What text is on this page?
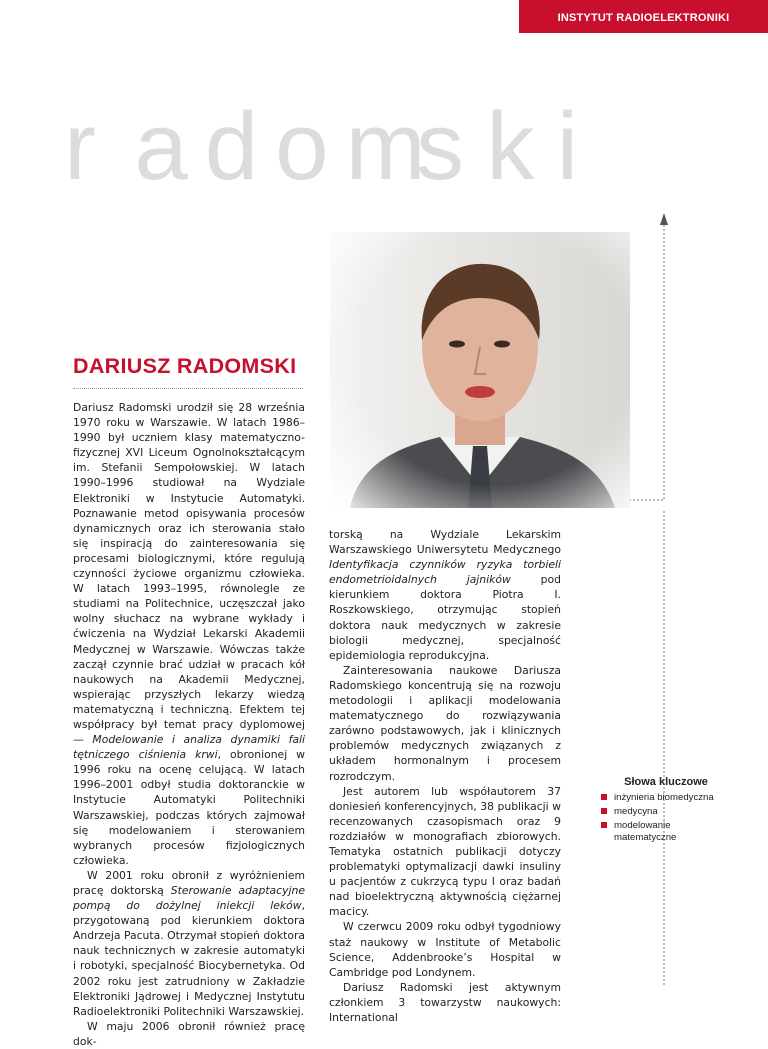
INSTYTUT RADIOELEKTRONIKI
r a d o ms k i
DARIUSZ RADOMSKI

Dariusz Radomski urodził się 28 września 1970 roku w Warszawie. W latach 1986–1990 był uczniem klasy matematyczno-fizycznej XVI Liceum Ognolnokształcącym im. Stefanii Sempołowskiej. W latach 1990–1996 studiował na Wydziale Elektroniki w Instytucie Automatyki. Poznawanie metod opisywania procesów dynamicznych oraz ich sterowania stało się inspiracją do zainteresowania się procesami biologicznymi, które regulują czynności życiowe organizmu człowieka. W latach 1993–1995, równolegle ze studiami na Politechnice, uczęszczał jako wolny słuchacz na wybrane wykłady i ćwiczenia na Wydział Lekarski Akademii Medycznej w Warszawie. Wówczas także zaczął czynnie brać udział w pracach kół naukowych na Akademii Medycznej, wspierając przyszłych lekarzy wiedzą matematyczną i techniczną. Efektem tej współpracy był temat pracy dyplomowej — Modelowanie i analiza dynamiki fali tętniczego ciśnienia krwi, obronionej w 1996 roku na ocenę celującą. W latach 1996–2001 odbył studia doktoranckie w Instytucie Automatyki Politechniki Warszawskiej, podczas których zajmował się modelowaniem i sterowaniem wybranych procesów fizjologicznych człowieka.

W 2001 roku obronił z wyróżnieniem pracę doktorską Sterowanie adaptacyjne pompą do dożylnej iniekcji leków, przygotowaną pod kierunkiem doktora Andrzeja Pacuta. Otrzymał stopień doktora nauk technicznych w zakresie automatyki i robotyki, specjalność Biocybernetyka. Od 2002 roku jest zatrudniony w Zakładzie Elektroniki Jądrowej i Medycznej Instytutu Radioelektroniki Politechniki Warszawskiej.

W maju 2006 obronił również pracę dok-

torską na Wydziale Lekarskim Warszawskiego Uniwersytetu Medycznego Identyfikacja czynników ryzyka torbieli endometrioidalnych jajników pod kierunkiem doktora Piotra I. Roszkowskiego, otrzymując stopień doktora nauk medycznych w zakresie biologii medycznej, specjalność epidemiologia reprodukcyjna.

Zainteresowania naukowe Dariusza Radomskiego koncentrują się na rozwoju metodologii i aplikacji modelowania matematycznego do rozwiązywania zarówno podstawowych, jak i klinicznych problemów medycznych związanych z układem hormonalnym i procesem rozrodczym.

Jest autorem lub współautorem 37 doniesień konferencyjnych, 38 publikacji w recenzowanych czasopismach oraz 9 rozdziałów w monografiach zbiorowych. Tematyka ostatnich publikacji dotyczy problematyki optymalizacji dawki insuliny u pacjentów z cukrzycą typu I oraz badań nad bioelektryczną aktywnością ciężarnej macicy.

W czerwcu 2009 roku odbył tygodniowy staż naukowy w Institute of Metabolic Science, Addenbrooke’s Hospital w Cambridge pod Londynem.

Dariusz Radomski jest aktywnym członkiem 3 towarzystw naukowych: International

Słowa kluczowe
inżynieria biomedyczna
medycyna
modelowanie matematyczne
